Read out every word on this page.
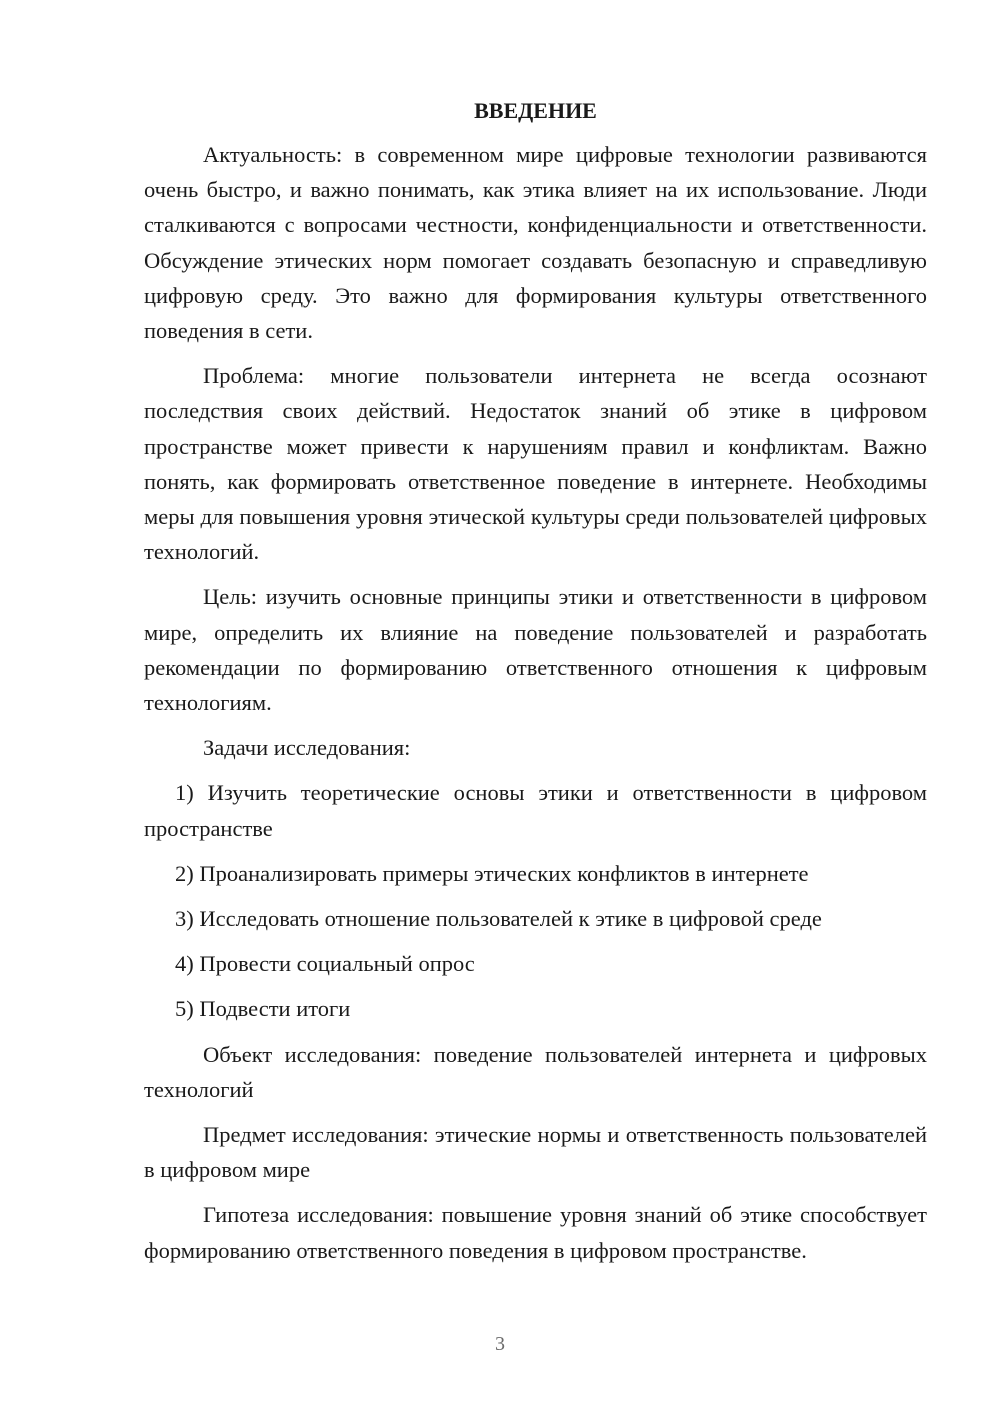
ВВЕДЕНИЕ

Актуальность: в современном мире цифровые технологии развиваются очень быстро, и важно понимать, как этика влияет на их использование. Люди сталкиваются с вопросами честности, конфиденциальности и ответственности. Обсуждение этических норм помогает создавать безопасную и справедливую цифровую среду. Это важно для формирования культуры ответственного поведения в сети.

Проблема: многие пользователи интернета не всегда осознают последствия своих действий. Недостаток знаний об этике в цифровом пространстве может привести к нарушениям правил и конфликтам. Важно понять, как формировать ответственное поведение в интернете. Необходимы меры для повышения уровня этической культуры среди пользователей цифровых технологий.

Цель: изучить основные принципы этики и ответственности в цифровом мире, определить их влияние на поведение пользователей и разработать рекомендации по формированию ответственного отношения к цифровым технологиям.

Задачи исследования:

1) Изучить теоретические основы этики и ответственности в цифровом пространстве

2) Проанализировать примеры этических конфликтов в интернете

3) Исследовать отношение пользователей к этике в цифровой среде

4) Провести социальный опрос

5) Подвести итоги

Объект исследования: поведение пользователей интернета и цифровых технологий

Предмет исследования: этические нормы и ответственность пользователей в цифровом мире

Гипотеза исследования: повышение уровня знаний об этике способствует формированию ответственного поведения в цифровом пространстве.

3
